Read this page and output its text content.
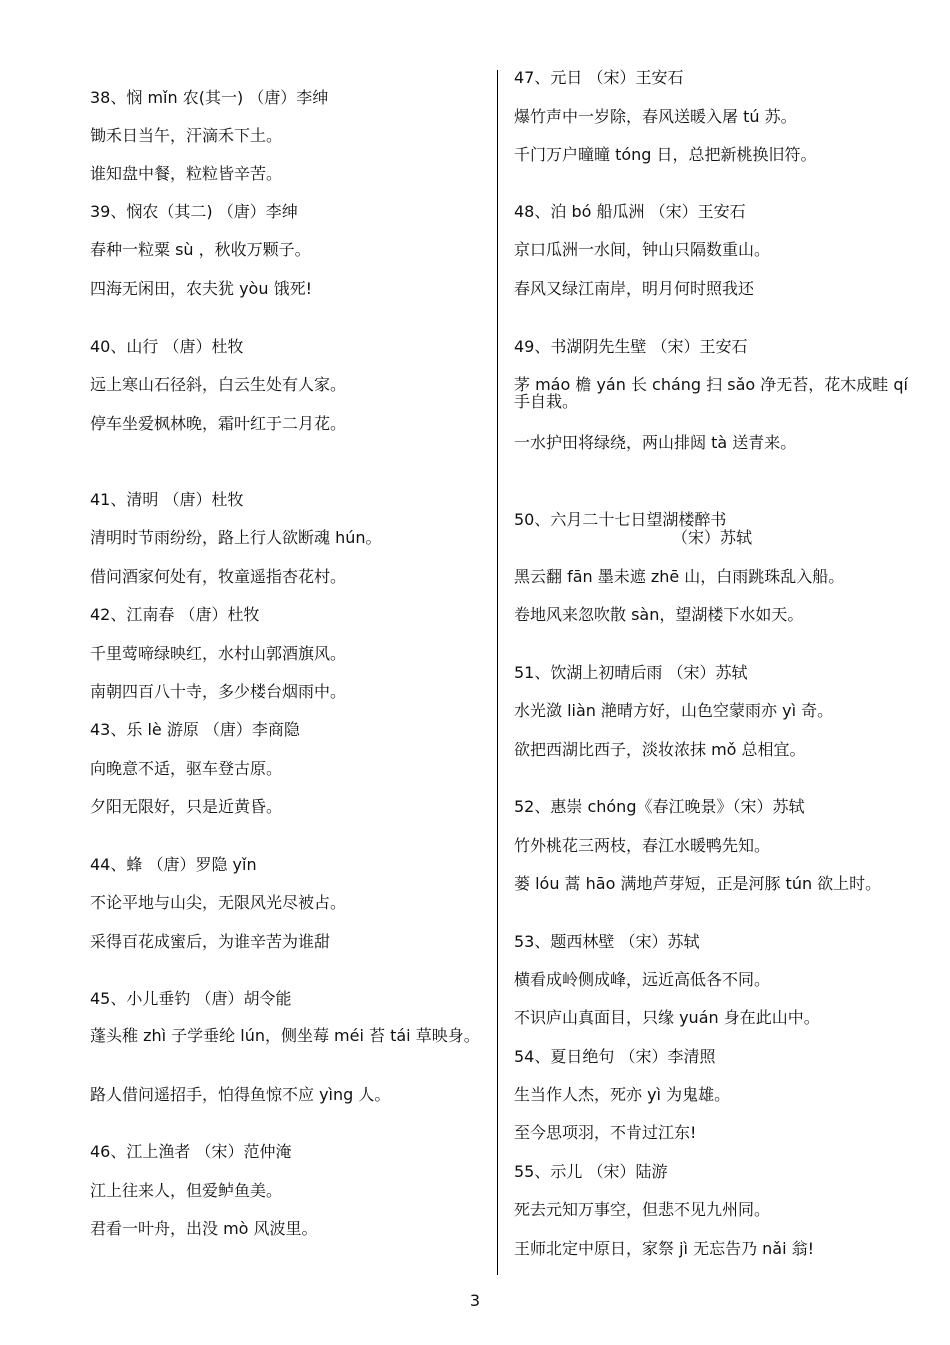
38、悯 mǐn 农(其一) （唐）李绅
锄禾日当午，汗滴禾下土。
谁知盘中餐，粒粒皆辛苦。
39、悯农（其二) （唐）李绅
春种一粒粟 sù ，秋收万颗子。
四海无闲田，农夫犹 yòu 饿死!
40、山行 （唐）杜牧
远上寒山石径斜，白云生处有人家。
停车坐爱枫林晚，霜叶红于二月花。
41、清明 （唐）杜牧
清明时节雨纷纷，路上行人欲断魂 hún。
借问酒家何处有，牧童遥指杏花村。
42、江南春 （唐）杜牧
千里莺啼绿映红，水村山郭酒旗风。
南朝四百八十寺，多少楼台烟雨中。
43、乐 lè 游原 （唐）李商隐
向晚意不适，驱车登古原。
夕阳无限好，只是近黄昏。
44、蜂 （唐）罗隐 yǐn
不论平地与山尖，无限风光尽被占。
采得百花成蜜后，为谁辛苦为谁甜
45、小儿垂钓 （唐）胡令能
蓬头稚 zhì 子学垂纶 lún，侧坐莓 méi 苔 tái 草映身。
路人借问遥招手，怕得鱼惊不应 yìng 人。
46、江上渔者 （宋）范仲淹
江上往来人，但爱鲈鱼美。
君看一叶舟，出没 mò 风波里。
47、元日 （宋）王安石
爆竹声中一岁除，春风送暖入屠 tú 苏。
千门万户曈曈 tóng 日，总把新桃换旧符。
48、泊 bó 船瓜洲 （宋）王安石
京口瓜洲一水间，钟山只隔数重山。
春风又绿江南岸，明月何时照我还
49、书湖阴先生壁 （宋）王安石
茅 máo 檐 yán 长 cháng 扫 sǎo 净无苔，花木成畦 qí 手自栽。
一水护田将绿绕，两山排闼 tà 送青来。
50、六月二十七日望湖楼醉书
（宋）苏轼
黑云翻 fān 墨未遮 zhē 山，白雨跳珠乱入船。
卷地风来忽吹散 sàn，望湖楼下水如天。
51、饮湖上初晴后雨 （宋）苏轼
水光潋 liàn 滟晴方好，山色空蒙雨亦 yì 奇。
欲把西湖比西子，淡妆浓抹 mǒ 总相宜。
52、惠崇 chóng《春江晚景》（宋）苏轼
竹外桃花三两枝，春江水暖鸭先知。
蒌 lóu 蒿 hāo 满地芦芽短，正是河豚 tún 欲上时。
53、题西林壁 （宋）苏轼
横看成岭侧成峰，远近高低各不同。
不识庐山真面目，只缘 yuán 身在此山中。
54、夏日绝句 （宋）李清照
生当作人杰，死亦 yì 为鬼雄。
至今思项羽，不肯过江东!
55、示儿 （宋）陆游
死去元知万事空，但悲不见九州同。
王师北定中原日，家祭 jì 无忘告乃 nǎi 翁!
3
